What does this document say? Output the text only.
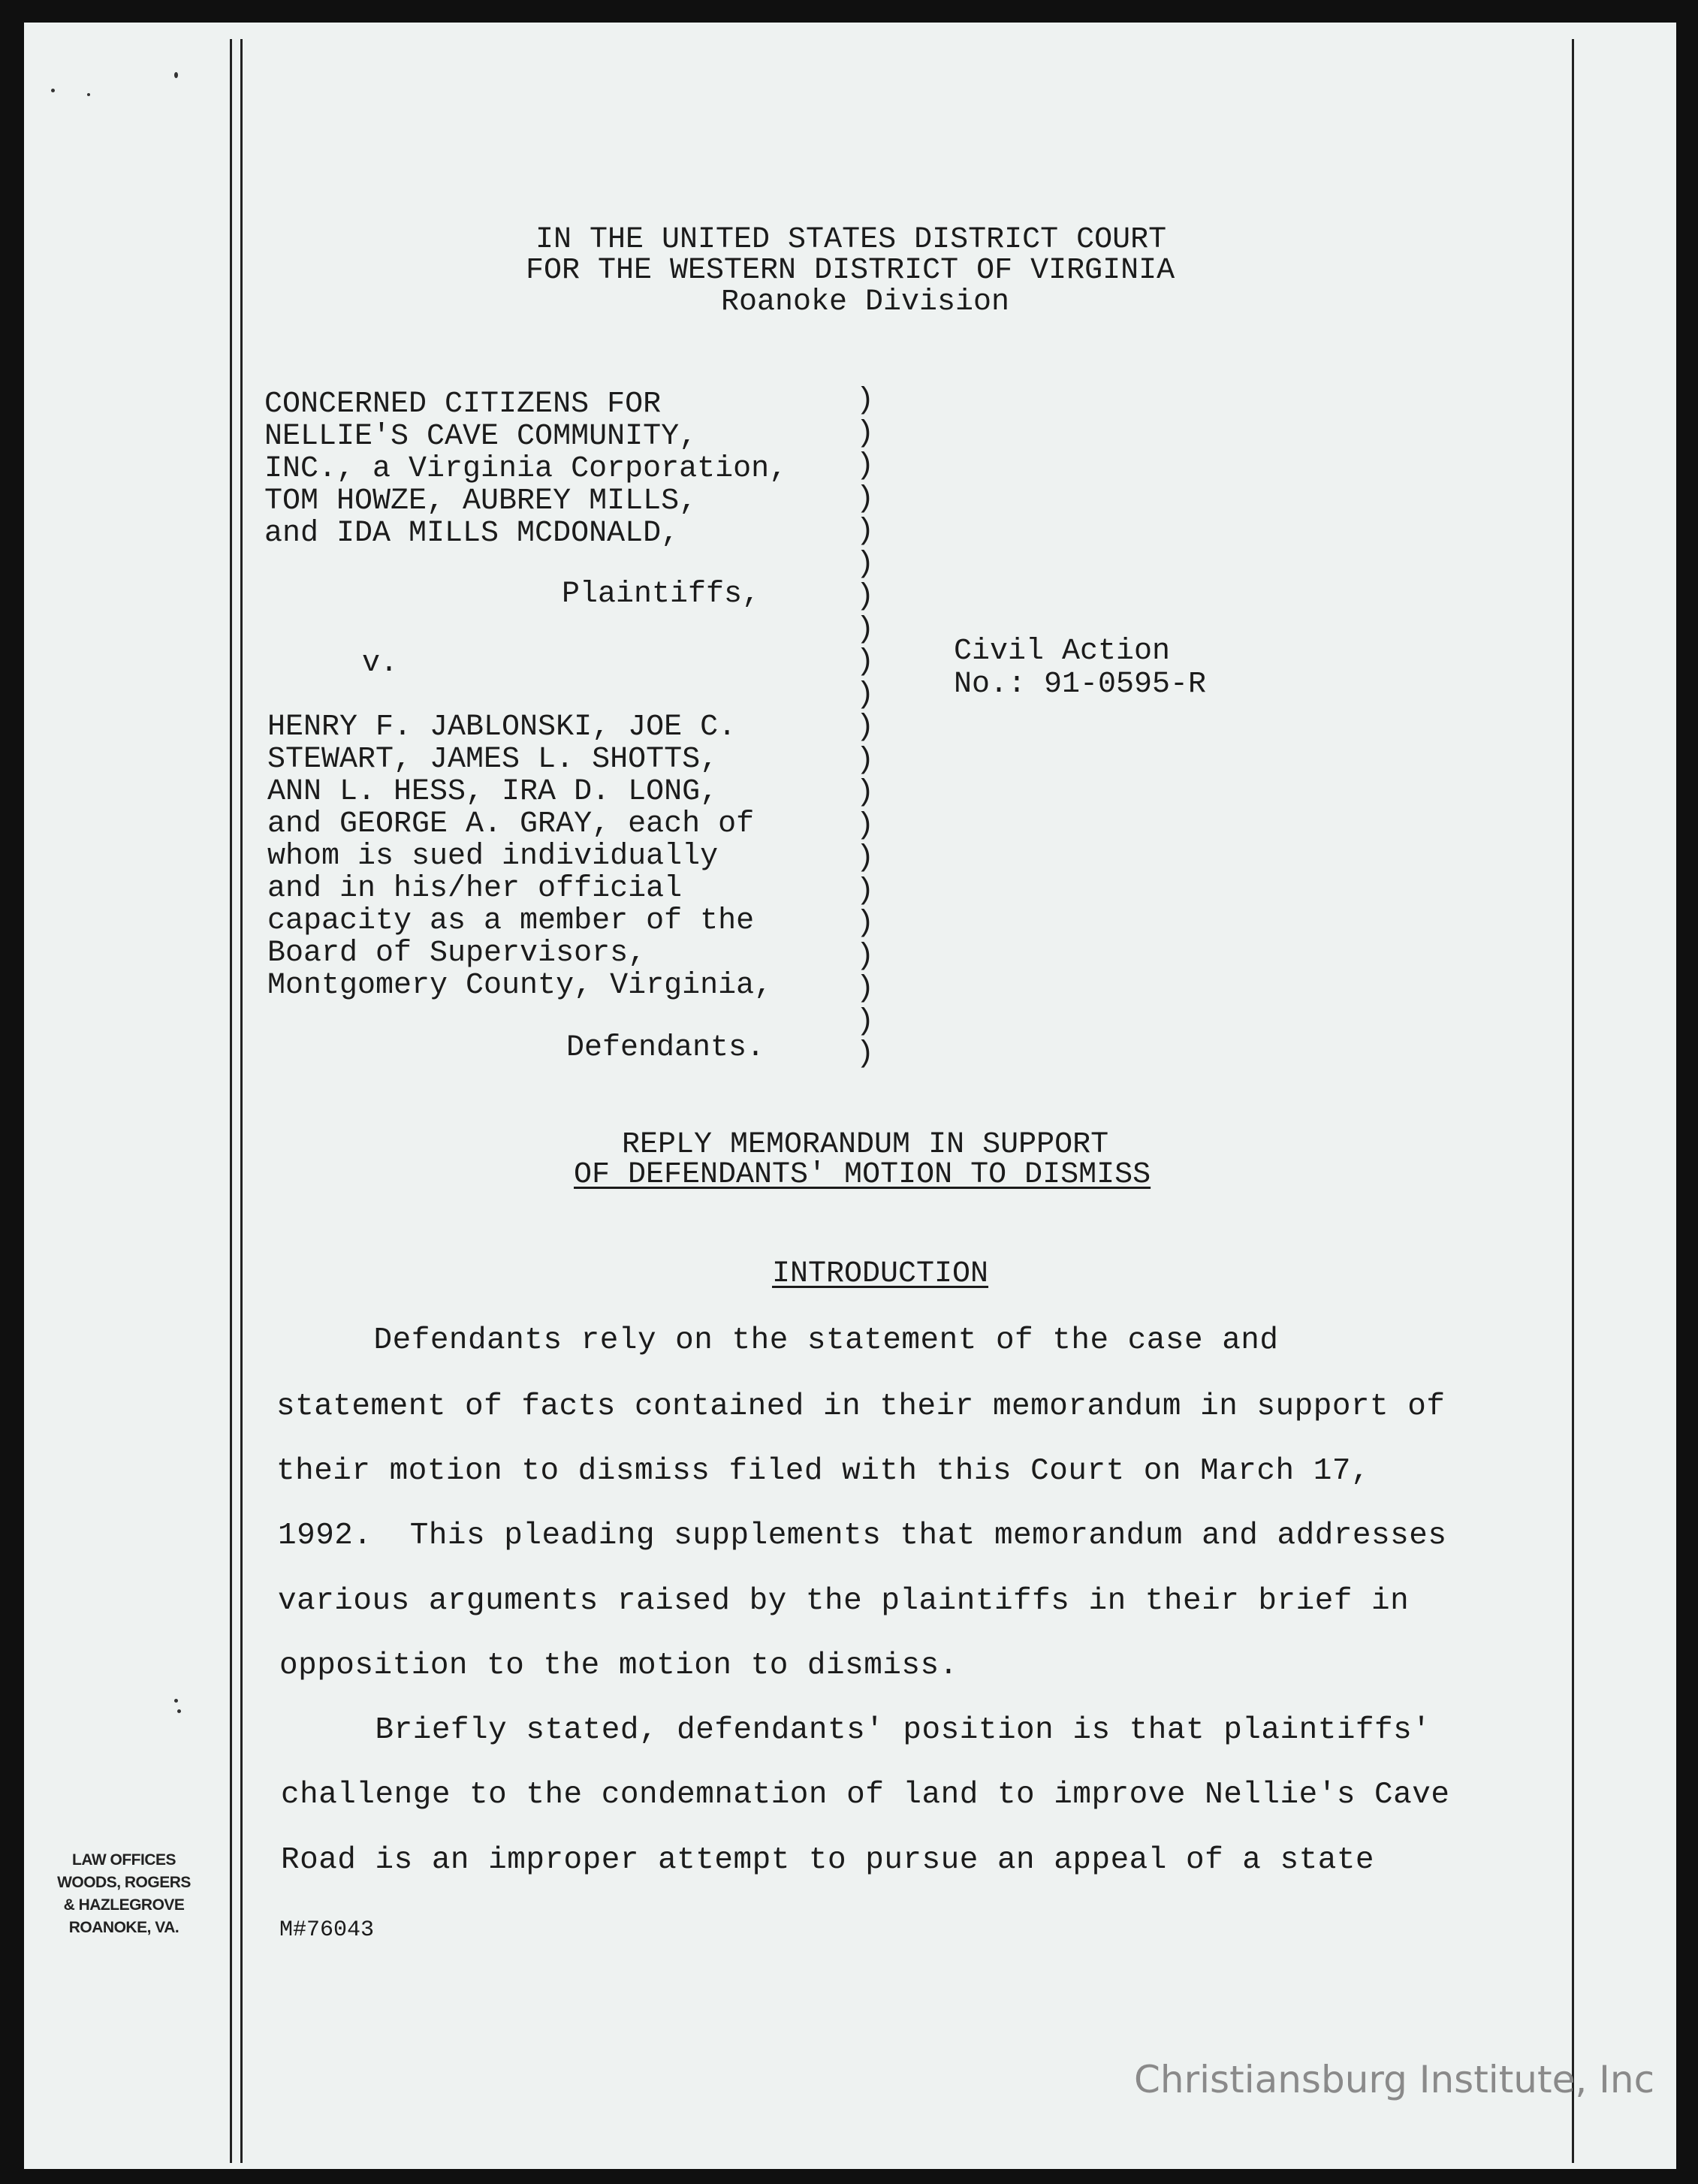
IN THE UNITED STATES DISTRICT COURT
FOR THE WESTERN DISTRICT OF VIRGINIA
Roanoke Division
CONCERNED CITIZENS FOR
NELLIE'S CAVE COMMUNITY,
INC., a Virginia Corporation,
TOM HOWZE, AUBREY MILLS,
and IDA MILLS MCDONALD,
Plaintiffs,
v.
HENRY F. JABLONSKI, JOE C.
STEWART, JAMES L. SHOTTS,
ANN L. HESS, IRA D. LONG,
and GEORGE A. GRAY, each of
whom is sued individually
and in his/her official
capacity as a member of the
Board of Supervisors,
Montgomery County, Virginia,
Defendants.
)
)
)
)
)
)
)
)
)
)
)
)
)
)
)
)
)
)
)
)
)
Civil Action
No.: 91-0595-R
REPLY MEMORANDUM IN SUPPORT
OF DEFENDANTS' MOTION TO DISMISS
INTRODUCTION
Defendants rely on the statement of the case and
statement of facts contained in their memorandum in support of
their motion to dismiss filed with this Court on March 17,
1992.  This pleading supplements that memorandum and addresses
various arguments raised by the plaintiffs in their brief in
opposition to the motion to dismiss.
Briefly stated, defendants' position is that plaintiffs'
challenge to the condemnation of land to improve Nellie's Cave
Road is an improper attempt to pursue an appeal of a state
M#76043
LAW OFFICES
WOODS, ROGERS
& HAZLEGROVE
ROANOKE, VA.
Christiansburg Institute, Inc
